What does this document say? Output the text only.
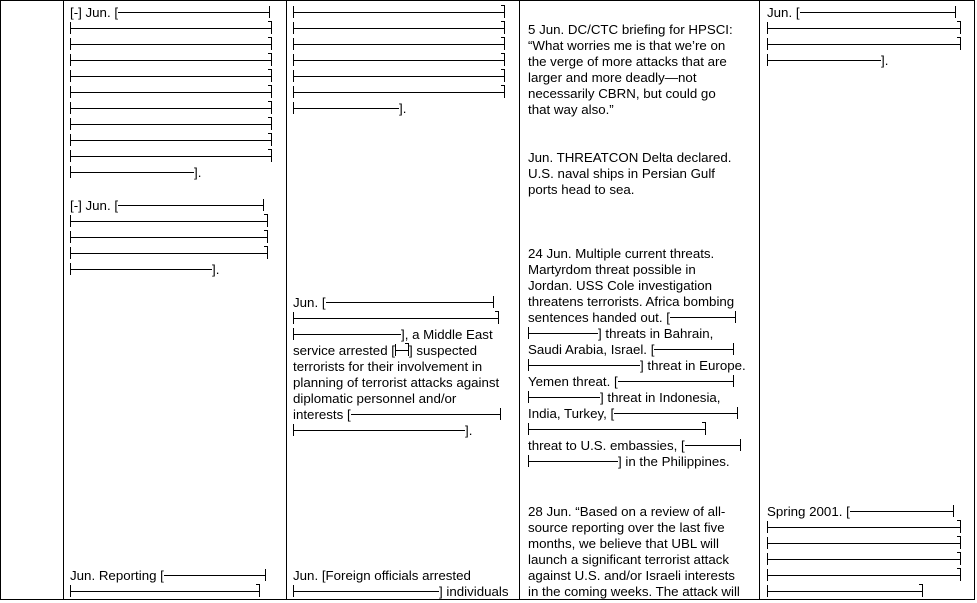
[-] Jun. [
].
[-] Jun. [
].
Jun. Reporting [
].
Jun. [
], a Middle East
service arrested [ ] suspected
terrorists for their involvement in
planning of terrorist attacks against
diplomatic personnel and/or
interests [
].
Jun. [Foreign officials arrested
] individuals
5 Jun. DC/CTC briefing for HPSCI:
“What worries me is that we’re on
the verge of more attacks that are
larger and more deadly—not
necessarily CBRN, but could go
that way also.”
Jun. THREATCON Delta declared.
U.S. naval ships in Persian Gulf
ports head to sea.
24 Jun. Multiple current threats.
Martyrdom threat possible in
Jordan. USS Cole investigation
threatens terrorists. Africa bombing
sentences handed out. [
] threats in Bahrain,
Saudi Arabia, Israel. [
] threat in Europe.
Yemen threat. [
] threat in Indonesia,
India, Turkey, [
threat to U.S. embassies, [
] in the Philippines.
28 Jun. “Based on a review of all-
source reporting over the last five
months, we believe that UBL will
launch a significant terrorist attack
against U.S. and/or Israeli interests
in the coming weeks. The attack will
Jun. [
].
Spring 2001. [
